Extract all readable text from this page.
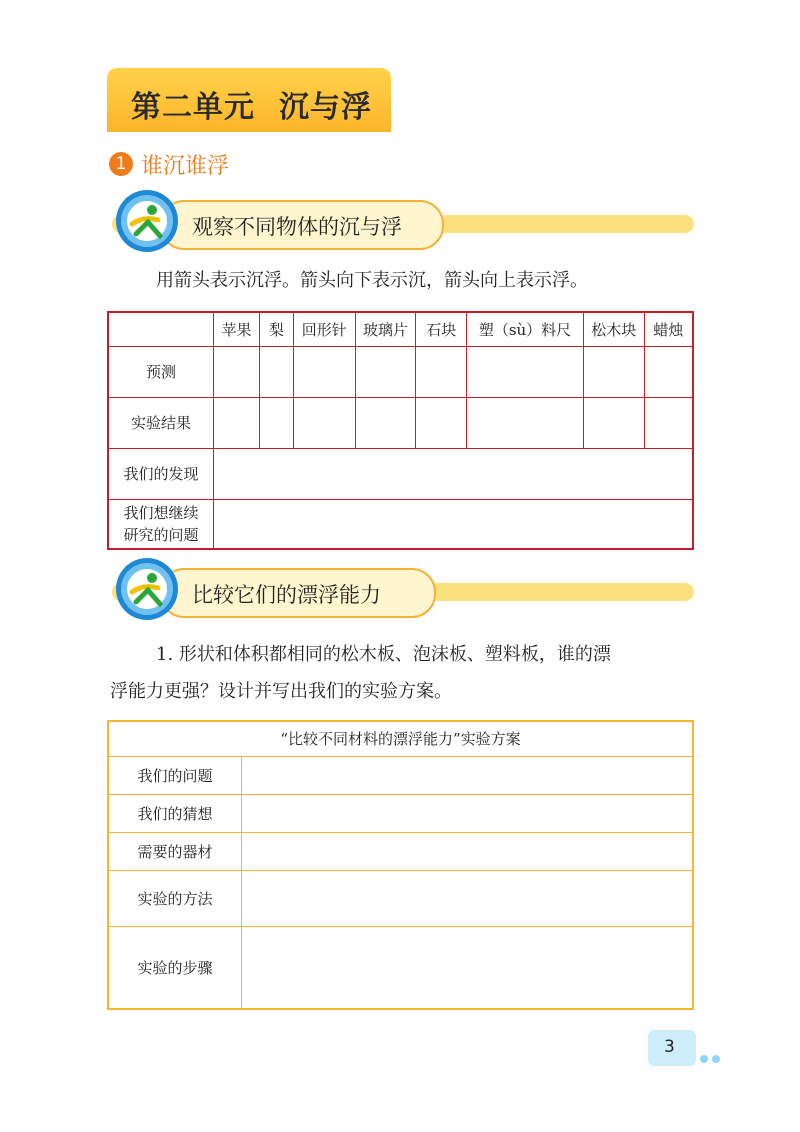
第二单元 沉与浮
1 谁沉谁浮
观察不同物体的沉与浮
用箭头表示沉浮。箭头向下表示沉，箭头向上表示浮。
	苹果	梨	回形针	玻璃片	石块	塑（sù）料尺	松木块	蜡烛
预测								
实验结果								
我们的发现								

我们想继续
研究的问题								

比较它们的漂浮能力
1. 形状和体积都相同的松木板、泡沫板、塑料板，谁的漂
浮能力更强？设计并写出我们的实验方案。
“比较不同材料的漂浮能力”实验方案	
我们的问题	
我们的猜想	
需要的器材	
实验的方法	
实验的步骤	
3
